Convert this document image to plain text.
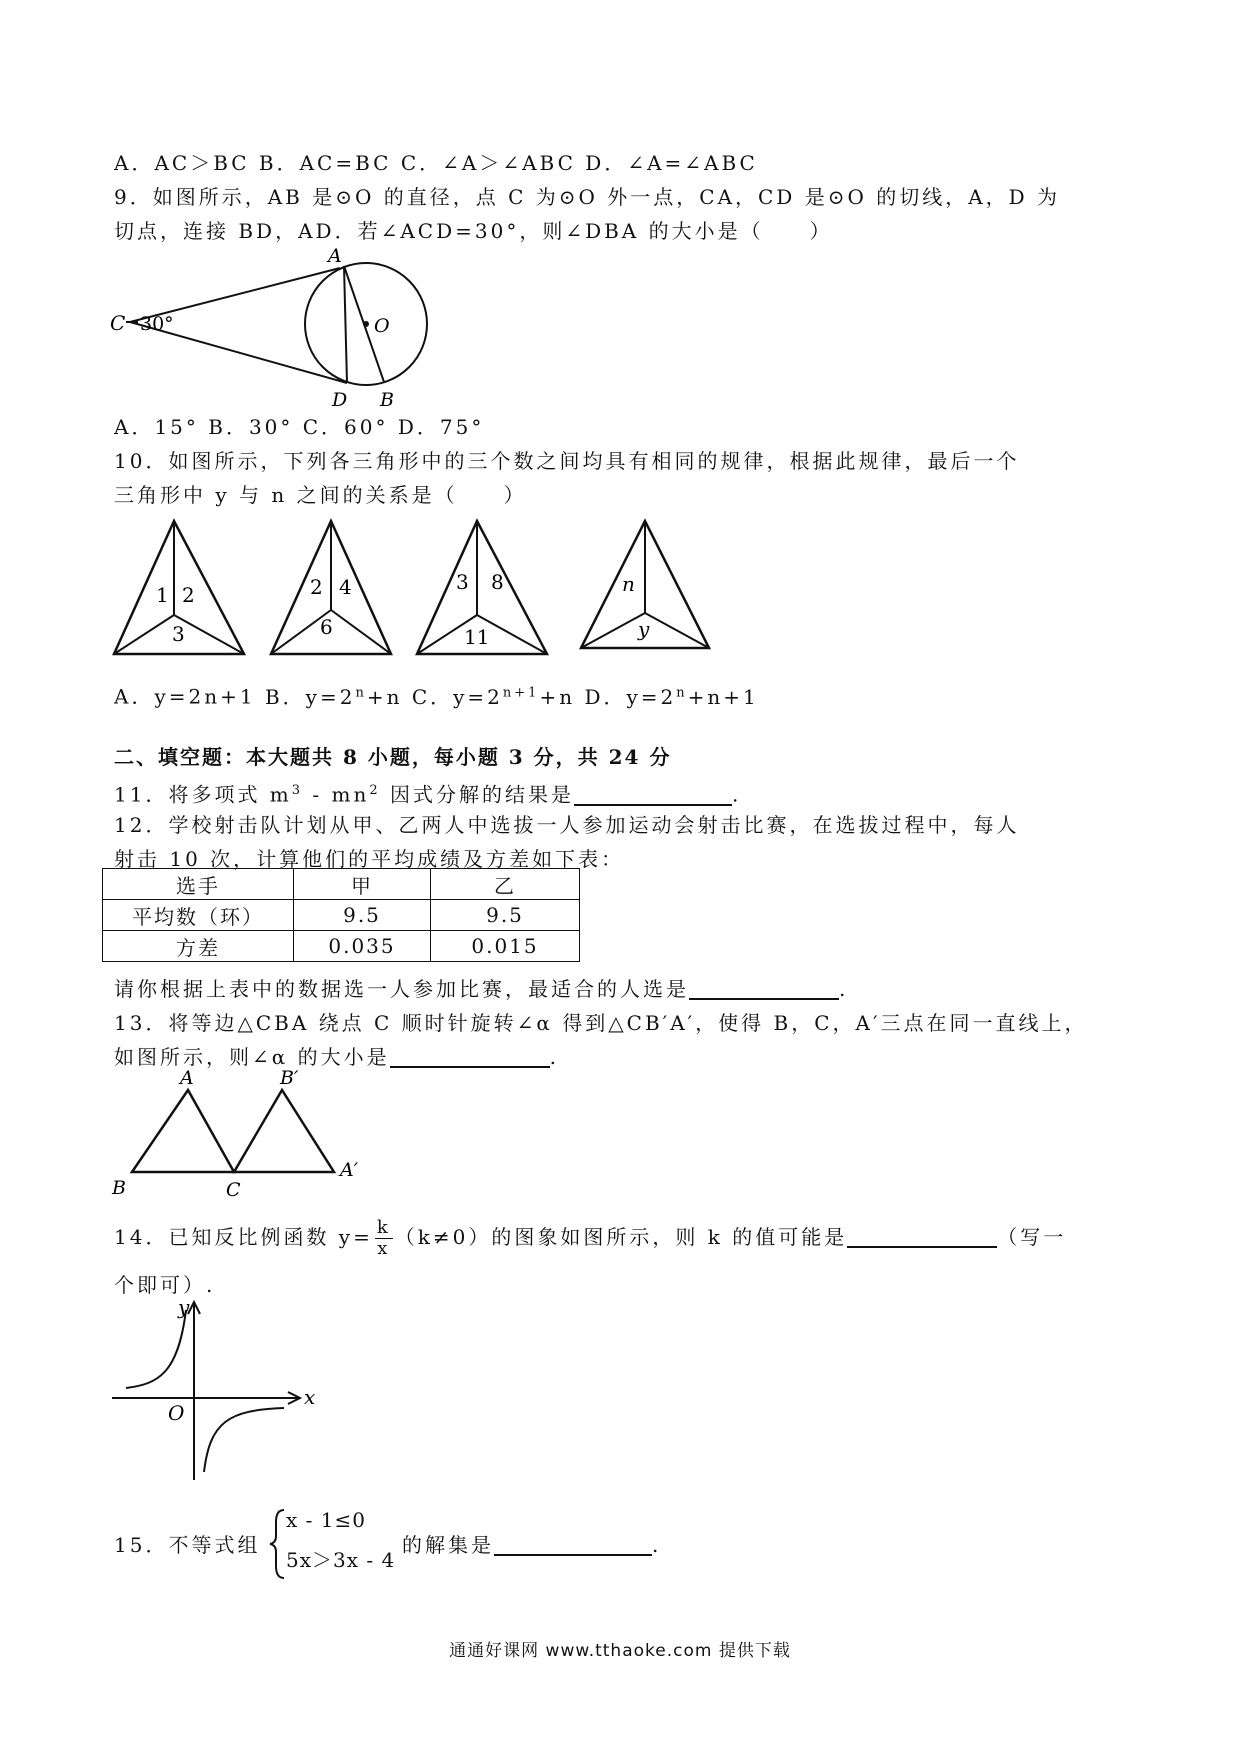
A．AC＞BC B．AC=BC C．∠A＞∠ABC D．∠A=∠ABC
9．如图所示，AB 是⊙O 的直径，点 C 为⊙O 外一点，CA，CD 是⊙O 的切线，A，D 为
切点，连接 BD，AD．若∠ACD=30°，则∠DBA 的大小是（　　）
C 30°
A
O
D B
A．15° B．30° C．60° D．75°
10．如图所示，下列各三角形中的三个数之间均具有相同的规律，根据此规律，最后一个
三角形中 y 与 n 之间的关系是（　　）
1 2
3
2 4
6
3 8
11
n
y
A．y=2n+1 B．$y=2^n+n$ C．$y=2^{n+1}+n$ D．$y=2^n+n+1$
二、填空题：本大题共 8 小题，每小题 3 分，共 24 分
11．将多项式 $m^3 - mn^2$ 因式分解的结果是	.
12．学校射击队计划从甲、乙两人中选拔一人参加运动会射击比赛，在选拔过程中，每人
射击 10 次，计算他们的平均成绩及方差如下表：
选手	甲	乙
平均数（环）	9.5	9.5
方差	0.035	0.015
请你根据上表中的数据选一人参加比赛，最适合的人选是	.
13．将等边△CBA 绕点 C 顺时针旋转∠α 得到△CB′A′，使得 B，C，A′三点在同一直线上，
如图所示，则∠α 的大小是	.
A	B′
B	C
A′
14．已知反比例函数 $y= \frac{k}{x} (k\ne 0)$的图象如图所示，则 k 的值可能是	（写一
个即可）.
y
x
O
15．不等式组
x - 1≤0
5x＞3x - 4
的解集是	.
通通好课网 www.tthaoke.com 提供下载
